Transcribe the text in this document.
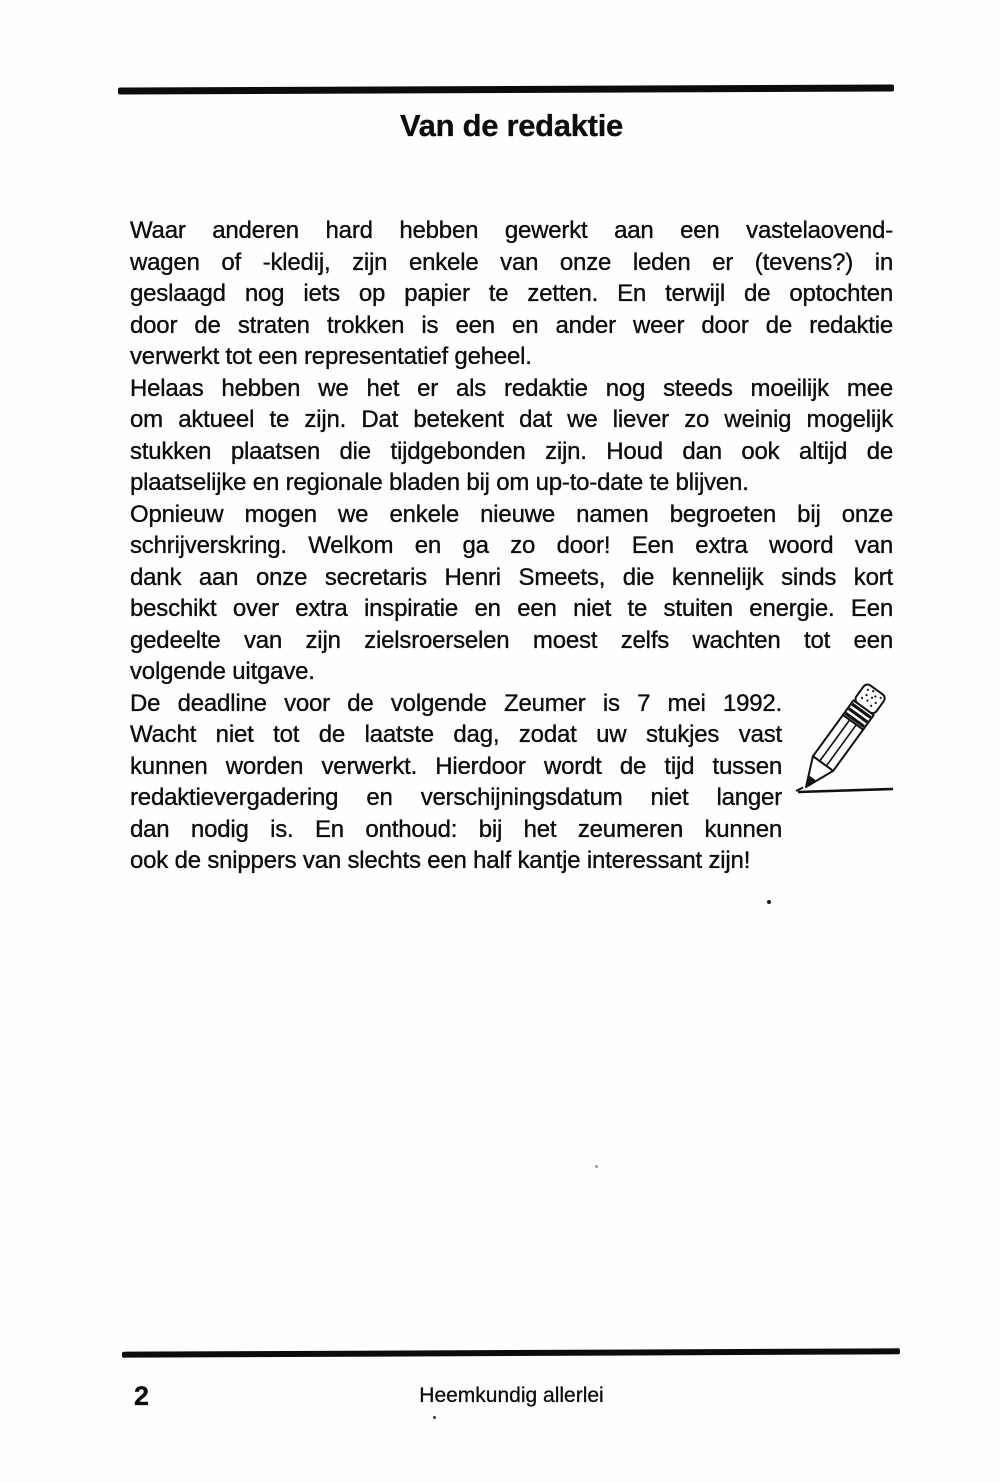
Van de redaktie
Waar anderen hard hebben gewerkt aan een vastelaovend-
wagen of -kledij, zijn enkele van onze leden er (tevens?) in
geslaagd nog iets op papier te zetten. En terwijl de optochten
door de straten trokken is een en ander weer door de redaktie
verwerkt tot een representatief geheel.
Helaas hebben we het er als redaktie nog steeds moeilijk mee
om aktueel te zijn. Dat betekent dat we liever zo weinig mogelijk
stukken plaatsen die tijdgebonden zijn. Houd dan ook altijd de
plaatselijke en regionale bladen bij om up-to-date te blijven.
Opnieuw mogen we enkele nieuwe namen begroeten bij onze
schrijverskring. Welkom en ga zo door! Een extra woord van
dank aan onze secretaris Henri Smeets, die kennelijk sinds kort
beschikt over extra inspiratie en een niet te stuiten energie. Een
gedeelte van zijn zielsroerselen moest zelfs wachten tot een
volgende uitgave.
De deadline voor de volgende Zeumer is 7 mei 1992.
Wacht niet tot de laatste dag, zodat uw stukjes vast
kunnen worden verwerkt. Hierdoor wordt de tijd tussen
redaktievergadering en verschijningsdatum niet langer
dan nodig is. En onthoud: bij het zeumeren kunnen
ook de snippers van slechts een half kantje interessant zijn!
2	Heemkundig allerlei
